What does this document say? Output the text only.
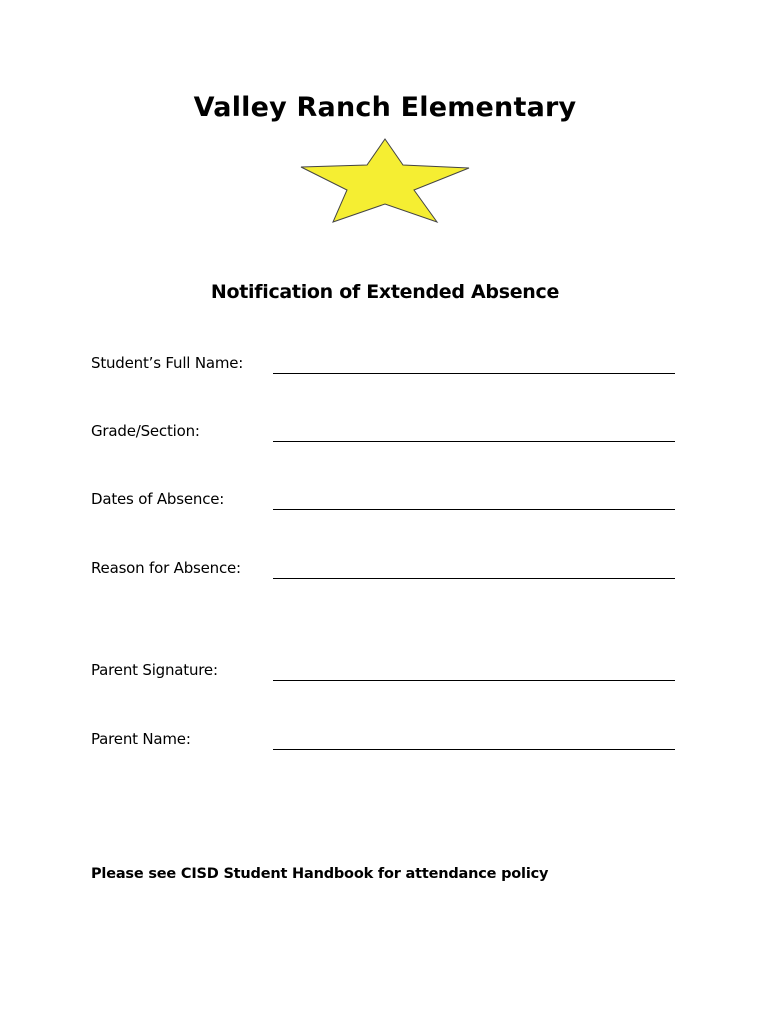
Valley Ranch Elementary
Notification of Extended Absence
Student’s Full Name:
Grade/Section:
Dates of Absence:
Reason for Absence:
Parent Signature:
Parent Name:
Please see CISD Student Handbook for attendance policy
